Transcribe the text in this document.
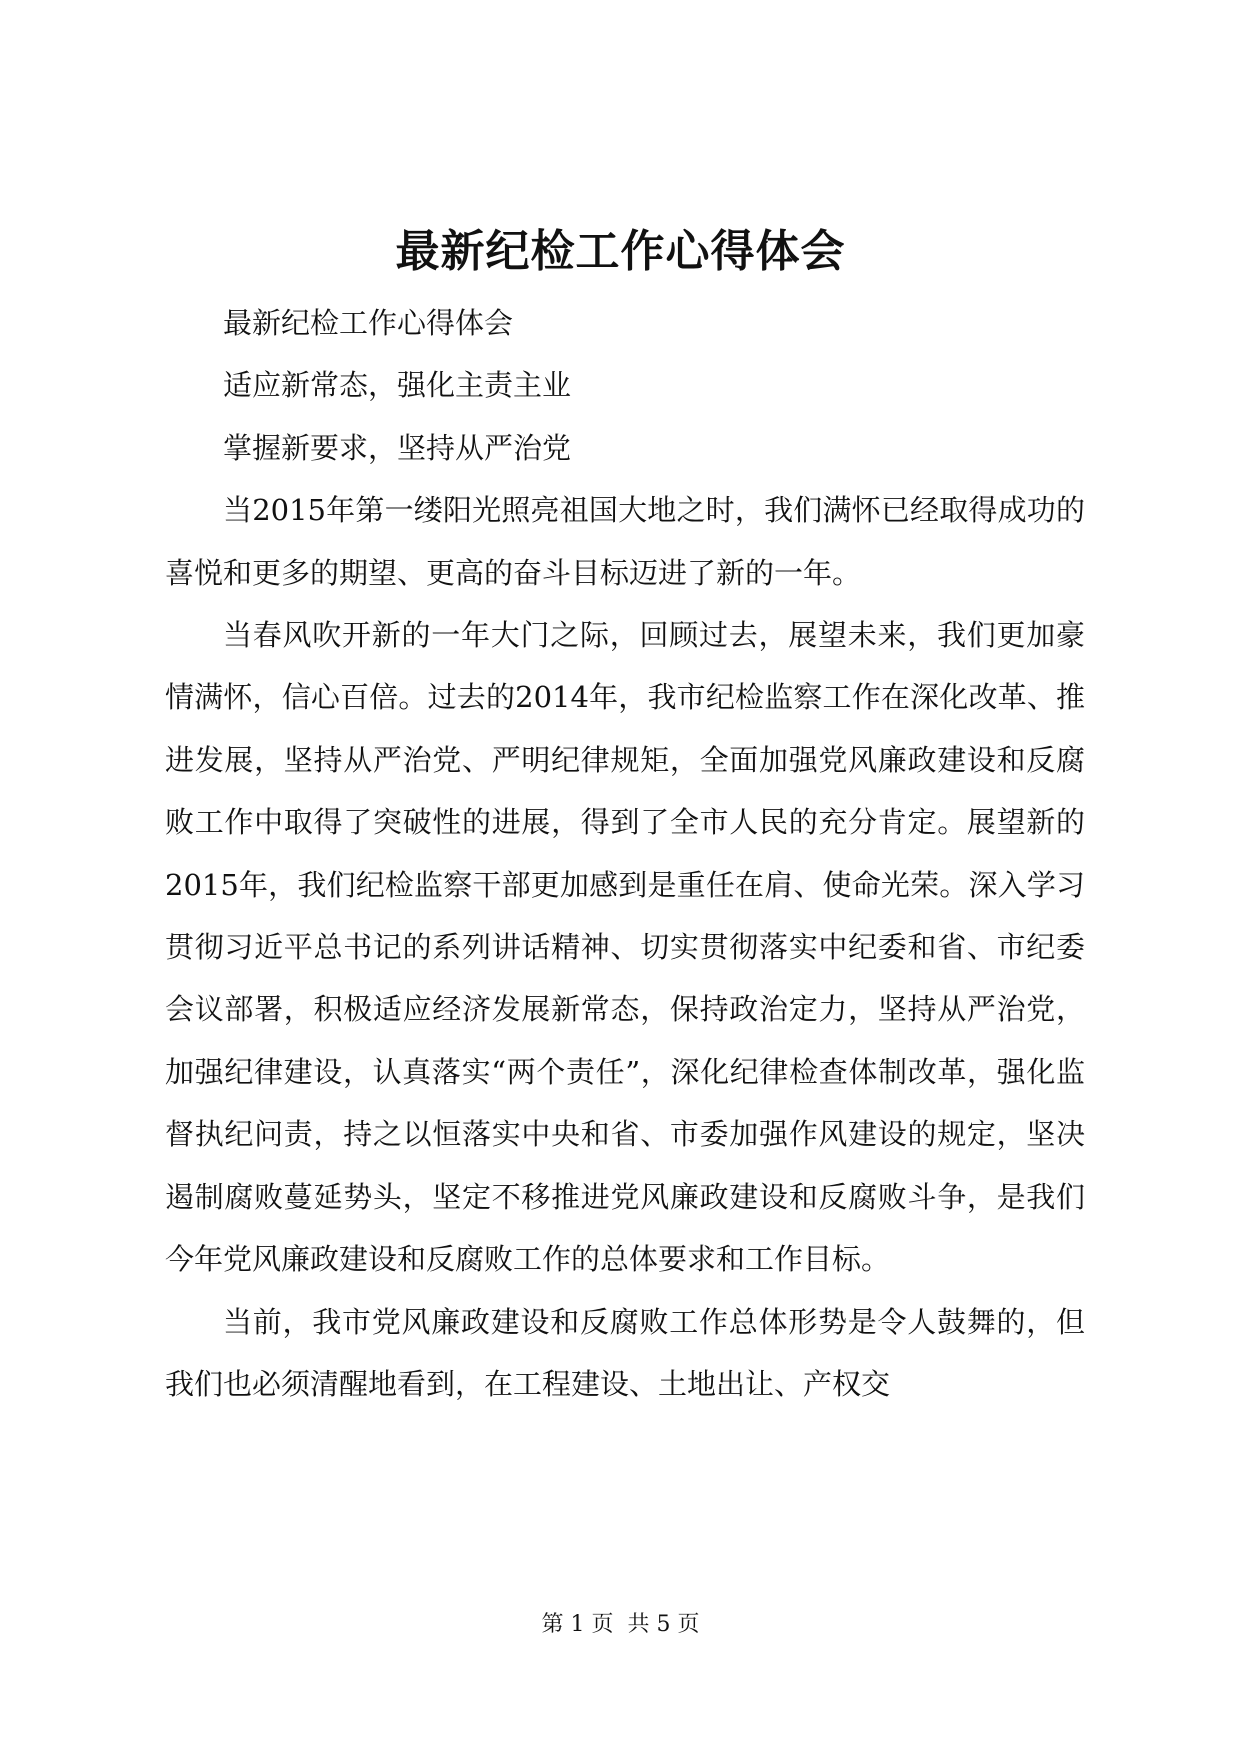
最新纪检工作心得体会

最新纪检工作心得体会

适应新常态，强化主责主业

掌握新要求，坚持从严治党

当2015年第一缕阳光照亮祖国大地之时，我们满怀已经取得成功的喜悦和更多的期望、更高的奋斗目标迈进了新的一年。

当春风吹开新的一年大门之际，回顾过去，展望未来，我们更加豪情满怀，信心百倍。过去的2014年，我市纪检监察工作在深化改革、推进发展，坚持从严治党、严明纪律规矩，全面加强党风廉政建设和反腐败工作中取得了突破性的进展，得到了全市人民的充分肯定。展望新的2015年，我们纪检监察干部更加感到是重任在肩、使命光荣。深入学习贯彻习近平总书记的系列讲话精神、切实贯彻落实中纪委和省、市纪委会议部署，积极适应经济发展新常态，保持政治定力，坚持从严治党，加强纪律建设，认真落实“两个责任”，深化纪律检查体制改革，强化监督执纪问责，持之以恒落实中央和省、市委加强作风建设的规定，坚决遏制腐败蔓延势头，坚定不移推进党风廉政建设和反腐败斗争，是我们今年党风廉政建设和反腐败工作的总体要求和工作目标。

当前，我市党风廉政建设和反腐败工作总体形势是令人鼓舞的，但我们也必须清醒地看到，在工程建设、土地出让、产权交

第 1 页 共 5 页
